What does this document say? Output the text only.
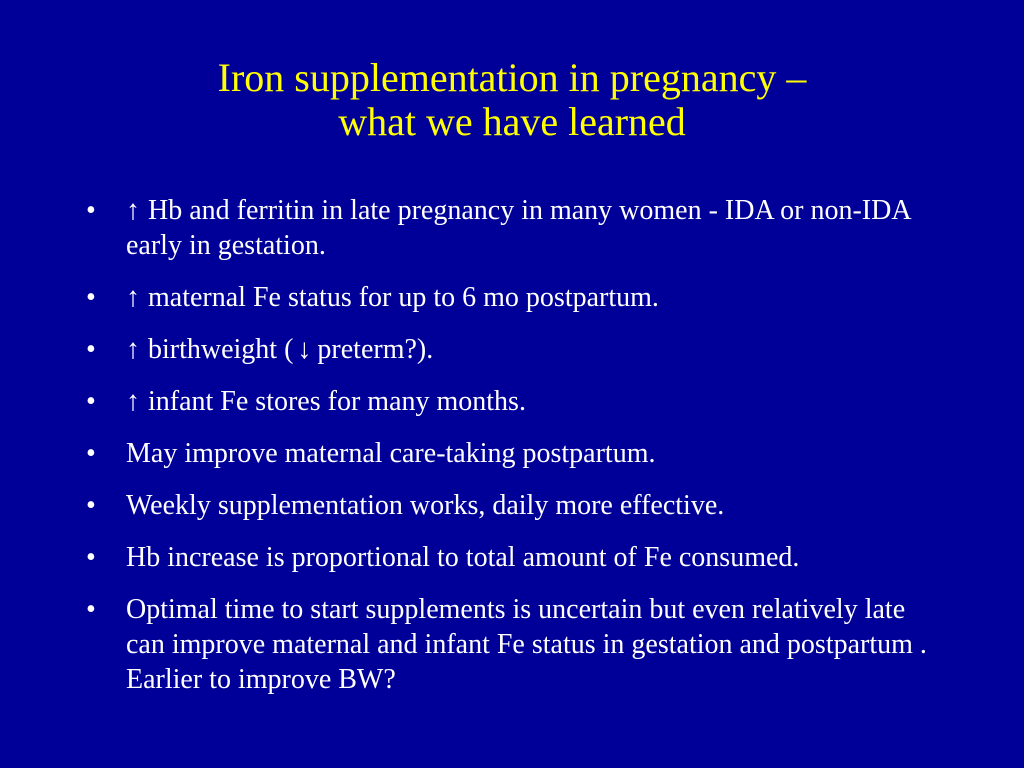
Iron supplementation in pregnancy –
what we have learned
• ↑ Hb and ferritin in late pregnancy in many women - IDA or non-IDA early in gestation.
• ↑ maternal Fe status for up to 6 mo postpartum.
• ↑ birthweight ( ↓ preterm?).
• ↑ infant Fe stores for many months.
• May improve maternal care-taking postpartum.
• Weekly supplementation works, daily more effective.
• Hb increase is proportional to total amount of Fe consumed.
• Optimal time to start supplements is uncertain but even relatively late can improve maternal and infant Fe status in gestation and postpartum . Earlier to improve BW?
